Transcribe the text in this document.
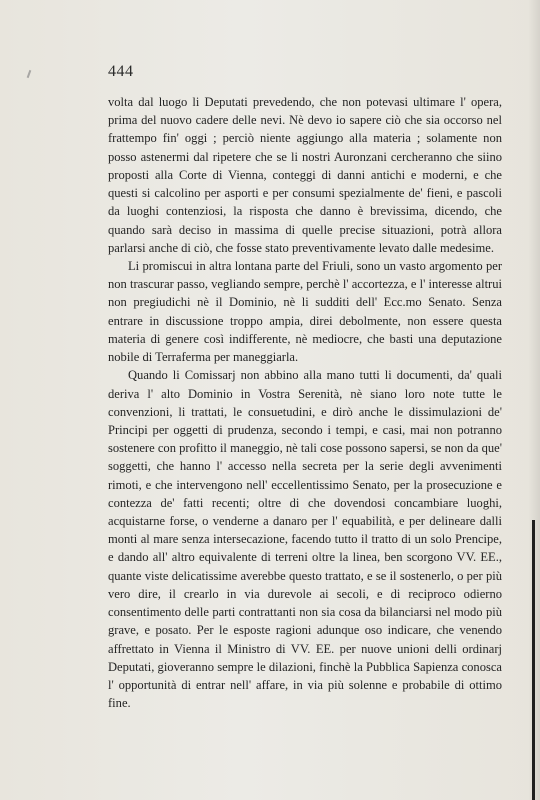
444

volta dal luogo li Deputati prevedendo, che non potevasi ultimare l' opera, prima del nuovo cadere delle nevi. Nè devo io sapere ciò che sia occorso nel frattempo fin' oggi ; perciò niente aggiungo alla materia ; solamente non posso astenermi dal ripetere che se li nostri Auronzani cercheranno che siino proposti alla Corte di Vienna, conteggi di danni antichi e moderni, e che questi si calcolino per asporti e per consumi spezialmente de' fieni, e pascoli da luoghi contenziosi, la risposta che danno è brevissima, dicendo, che quando sarà deciso in massima di quelle precise situazioni, potrà allora parlarsi anche di ciò, che fosse stato preventivamente levato dalle medesime.

Li promiscui in altra lontana parte del Friuli, sono un vasto argomento per non trascurar passo, vegliando sempre, perchè l' accortezza, e l' interesse altrui non pregiudichi nè il Dominio, nè li sudditi dell' Ecc.mo Senato. Senza entrare in discussione troppo ampia, direi debolmente, non essere questa materia di genere così indifferente, nè mediocre, che basti una deputazione nobile di Terraferma per maneggiarla.

Quando li Comissarj non abbino alla mano tutti li documenti, da' quali deriva l' alto Dominio in Vostra Serenità, nè siano loro note tutte le convenzioni, li trattati, le consuetudini, e dirò anche le dissimulazioni de' Principi per oggetti di prudenza, secondo i tempi, e casi, mai non potranno sostenere con profitto il maneggio, nè tali cose possono sapersi, se non da que' soggetti, che hanno l' accesso nella secreta per la serie degli avvenimenti rimoti, e che intervengono nell' eccellentissimo Senato, per la prosecuzione e contezza de' fatti recenti; oltre di che dovendosi concambiare luoghi, acquistarne forse, o venderne a danaro per l' equabilità, e per delineare dalli monti al mare senza intersecazione, facendo tutto il tratto di un solo Prencipe, e dando all' altro equivalente di terreni oltre la linea, ben scorgono VV. EE., quante viste delicatissime averebbe questo trattato, e se il sostenerlo, o per più vero dire, il crearlo in via durevole ai secoli, e di reciproco odierno consentimento delle parti contrattanti non sia cosa da bilanciarsi nel modo più grave, e posato. Per le esposte ragioni adunque oso indicare, che venendo affrettato in Vienna il Ministro di VV. EE. per nuove unioni delli ordinarj Deputati, gioveranno sempre le dilazioni, finchè la Pubblica Sapienza conosca l' opportunità di entrar nell' affare, in via più solenne e probabile di ottimo fine.
